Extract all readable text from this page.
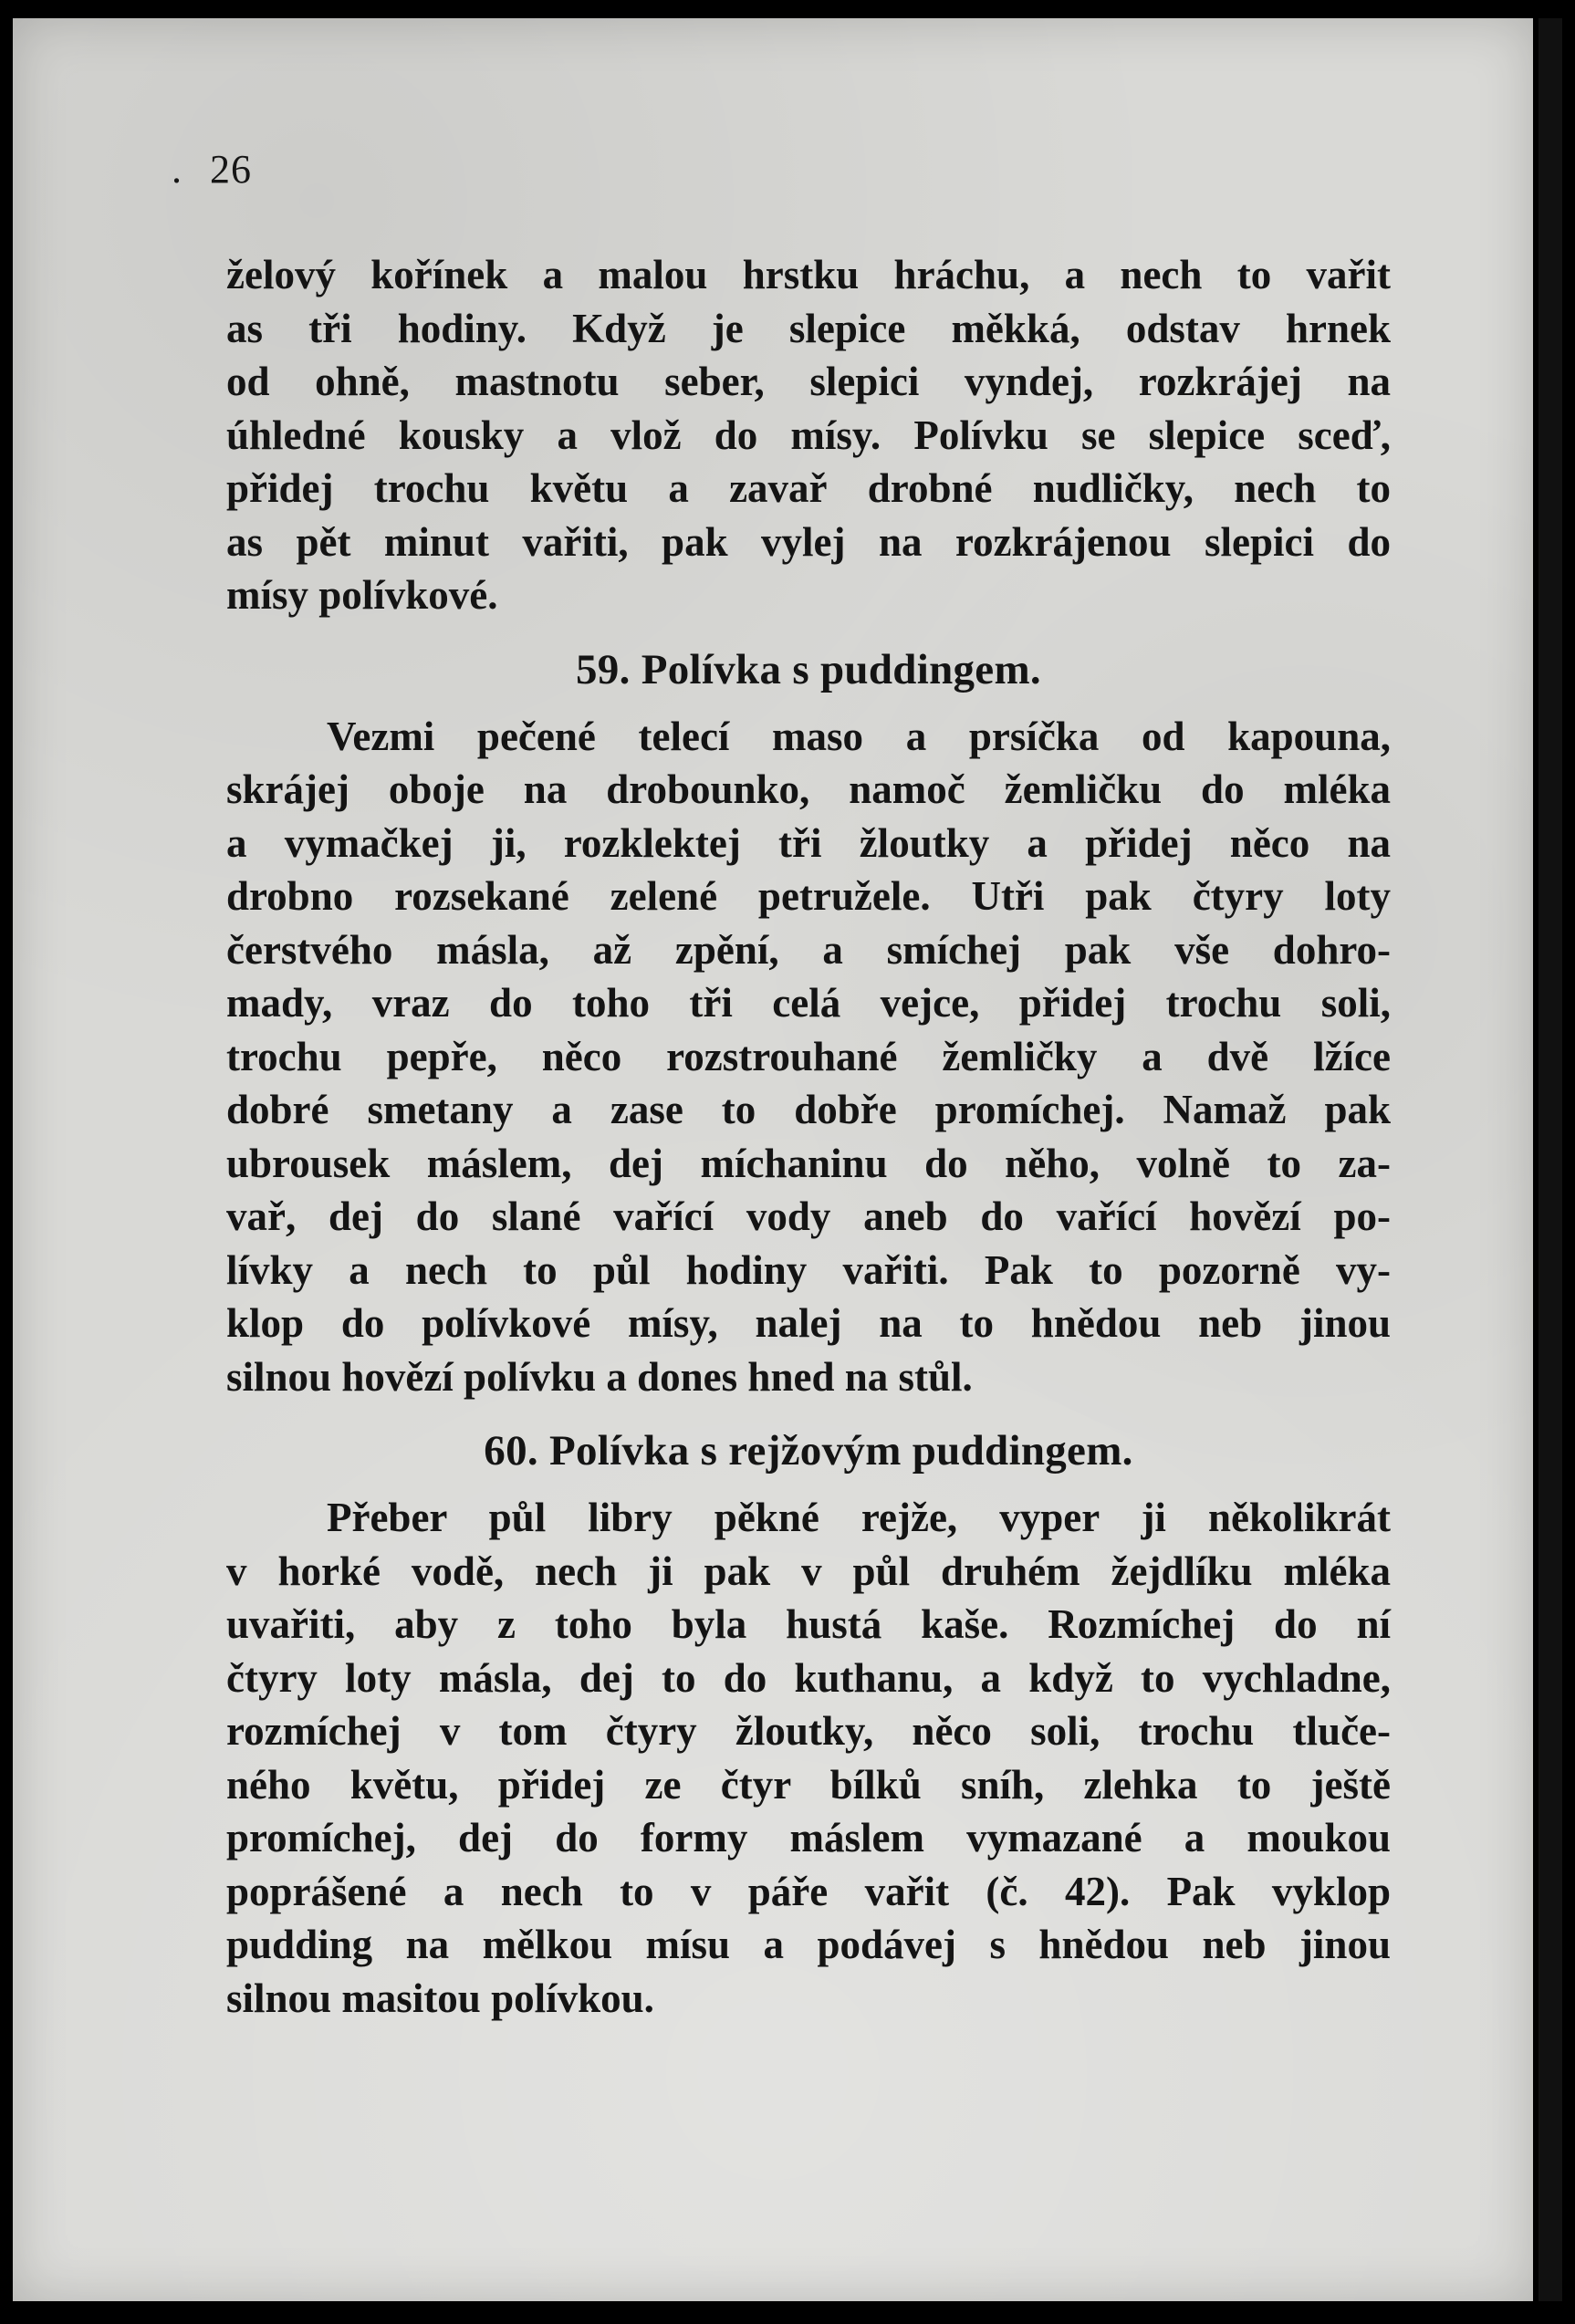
. 26
želový kořínek a malou hrstku hráchu, a nech to vařit
as tři hodiny. Když je slepice měkká, odstav hrnek
od ohně, mastnotu seber, slepici vyndej, rozkrájej na
úhledné kousky a vlož do mísy. Polívku se slepice sceď,
přidej trochu květu a zavař drobné nudličky, nech to
as pět minut vařiti, pak vylej na rozkrájenou slepici do
mísy polívkové.
59. Polívka s puddingem.
Vezmi pečené telecí maso a prsíčka od kapouna,
skrájej oboje na drobounko, namoč žemličku do mléka
a vymačkej ji, rozklektej tři žloutky a přidej něco na
drobno rozsekané zelené petružele. Utři pak čtyry loty
čerstvého másla, až zpění, a smíchej pak vše dohro-
mady, vraz do toho tři celá vejce, přidej trochu soli,
trochu pepře, něco rozstrouhané žemličky a dvě lžíce
dobré smetany a zase to dobře promíchej. Namaž pak
ubrousek máslem, dej míchaninu do něho, volně to za-
vař, dej do slané vařící vody aneb do vařící hovězí po-
lívky a nech to půl hodiny vařiti. Pak to pozorně vy-
klop do polívkové mísy, nalej na to hnědou neb jinou
silnou hovězí polívku a dones hned na stůl.
60. Polívka s rejžovým puddingem.
Přeber půl libry pěkné rejže, vyper ji několikrát
v horké vodě, nech ji pak v půl druhém žejdlíku mléka
uvařiti, aby z toho byla hustá kaše. Rozmíchej do ní
čtyry loty másla, dej to do kuthanu, a když to vychladne,
rozmíchej v tom čtyry žloutky, něco soli, trochu tluče-
ného květu, přidej ze čtyr bílků sníh, zlehka to ještě
promíchej, dej do formy máslem vymazané a moukou
poprášené a nech to v páře vařit (č. 42). Pak vyklop
pudding na mělkou mísu a podávej s hnědou neb jinou
silnou masitou polívkou.
